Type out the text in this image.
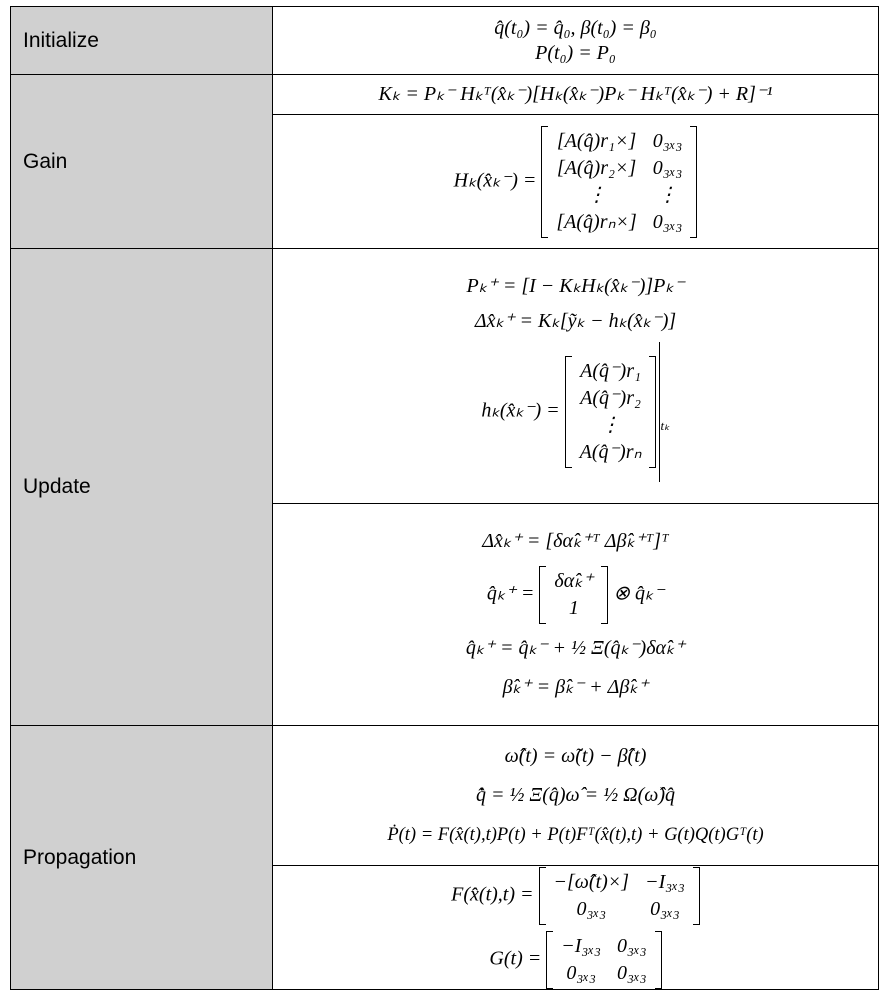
Initialize	
q̂(t₀) = q̂₀, β(t₀) = β₀
P(t₀) = P₀

Gain	
Kₖ = Pₖ⁻ Hₖᵀ(x̂ₖ⁻)[Hₖ(x̂ₖ⁻)Pₖ⁻ Hₖᵀ(x̂ₖ⁻) + R]⁻¹

Hₖ(x̂ₖ⁻) =
[A(q̂)r₁×]	0₃ₓ₃
[A(q̂)r₂×]	0₃ₓ₃
⋮	⋮
[A(q̂)rₙ×]	0₃ₓ₃

Update	
Pₖ⁺ = [I − KₖHₖ(x̂ₖ⁻)]Pₖ⁻
Δx̂ₖ⁺ = Kₖ[ỹₖ − hₖ(x̂ₖ⁻)]
hₖ(x̂ₖ⁻) =
A(q̂⁻)r₁
A(q̂⁻)r₂
⋮
A(q̂⁻)rₙ
$_{t_k}$

Δx̂ₖ⁺ = [δα̂ₖ⁺ᵀ Δβ̂ₖ⁺ᵀ]ᵀ
q̂ₖ⁺ =
δα̂ₖ⁺
1
⊗ q̂ₖ⁻
q̂ₖ⁺ = q̂ₖ⁻ + ½ Ξ(q̂ₖ⁻)δα̂ₖ⁺
β̂ₖ⁺ = β̂ₖ⁻ + Δβ̂ₖ⁺

Propagation	
ω̂(t) = ω̃(t) − β̂(t)
q̂̇ = ½ Ξ(q̂)ω̂ = ½ Ω(ω̂)q̂
Ṗ(t) = F(x̂(t),t)P(t) + P(t)Fᵀ(x̂(t),t) + G(t)Q(t)Gᵀ(t)

F(x̂(t),t) =
−[ω̂(t)×]	−I₃ₓ₃
0₃ₓ₃	0₃ₓ₃
G(t) =
−I₃ₓ₃	0₃ₓ₃
0₃ₓ₃	0₃ₓ₃
